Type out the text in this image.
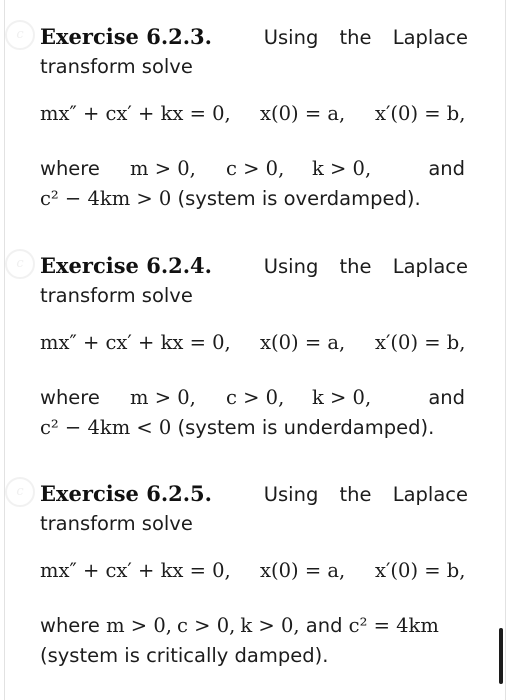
c Exercise 6.2.3.	Using the Laplace
transform solve
mx″ + cx′ + kx = 0, x(0) = a, x′(0) = b,
where m > 0, c > 0, k > 0,	and
c² − 4km > 0 (system is overdamped).
c Exercise 6.2.4.	Using the Laplace
transform solve
mx″ + cx′ + kx = 0, x(0) = a, x′(0) = b,
where m > 0, c > 0, k > 0,	and
c² − 4km < 0 (system is underdamped).
c Exercise 6.2.5.	Using the Laplace
transform solve
mx″ + cx′ + kx = 0, x(0) = a, x′(0) = b,
where m > 0, c > 0, k > 0, and c² = 4km
(system is critically damped).
